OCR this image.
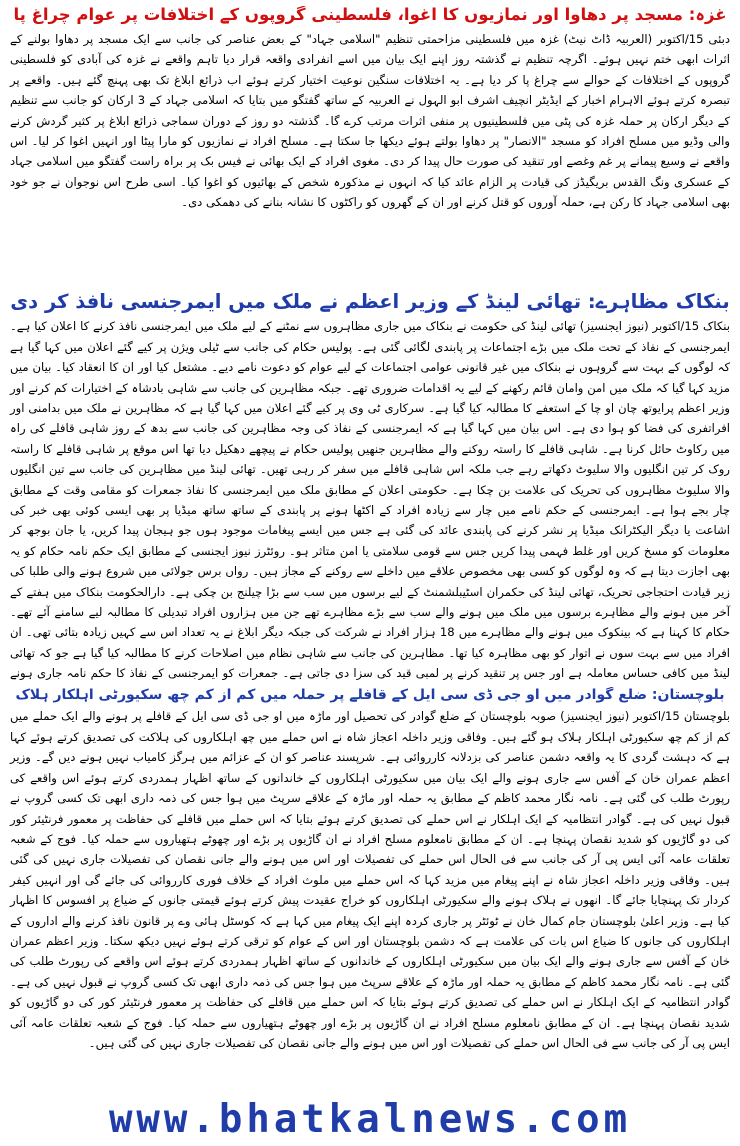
غزہ: مسجد پر دھاوا اور نمازیوں کا اغوا، فلسطینی گروپوں کے اختلافات پر عوام چراغ پا

دبئی 15/اکتوبر (العربیہ ڈاٹ نیٹ) غزہ میں فلسطینی مزاحمتی تنظیم "اسلامی جہاد" کے بعض عناصر کی جانب سے ایک مسجد پر دھاوا بولنے کے اثرات ابھی ختم نہیں ہوئے۔ اگرچہ تنظیم نے گذشتہ روز اپنے ایک بیان میں اسے انفرادی واقعہ قرار دیا تاہم واقعے نے غزہ کی آبادی کو فلسطینی گروپوں کے اختلافات کے حوالے سے چراغ پا کر دیا ہے۔ یہ اختلافات سنگین نوعیت اختیار کرتے ہوئے اب ذرائع ابلاغ تک بھی پہنچ گئے ہیں۔ واقعے پر تبصرہ کرتے ہوئے الاہرام اخبار کے ایڈیٹر انچیف اشرف ابو الہول نے العربیہ کے ساتھ گفتگو میں بتایا کہ اسلامی جہاد کے 3 ارکان کو جانب سے تنظیم کے دیگر ارکان پر حملہ غزہ کی پٹی میں فلسطینیوں پر منفی اثرات مرتب کرے گا۔ گذشتہ دو روز کے دوران سماجی ذرائع ابلاغ پر کثیر گردش کرنے والی وڈیو میں مسلح افراد کو مسجد "الانصار" پر دھاوا بولتے ہوئے دیکھا جا سکتا ہے۔ مسلح افراد نے نمازیوں کو مارا پیٹا اور انہیں اغوا کر لیا۔ اس واقعے نے وسیع پیمانے پر غم وغصے اور تنقید کی صورت حال پیدا کر دی۔ مغوی افراد کے ایک بھائی نے فیس بک پر براہ راست گفتگو میں اسلامی جہاد کے عسکری ونگ القدس بریگیڈز کی قیادت پر الزام عائد کیا کہ انہوں نے مذکورہ شخص کے بھائیوں کو اغوا کیا۔ اسی طرح اس نوجوان نے جو خود بھی اسلامی جہاد کا رکن ہے، حملہ آوروں کو قتل کرنے اور ان کے گھروں کو راکٹوں کا نشانہ بنانے کی دھمکی دی۔

بنکاک مظاہرے: تھائی لینڈ کے وزیر اعظم نے ملک میں ایمرجنسی نافذ کر دی

بنکاک 15/اکتوبر (نیوز ایجنسیز) تھائی لینڈ کی حکومت نے بنکاک میں جاری مظاہروں سے نمٹنے کے لیے ملک میں ایمرجنسی نافذ کرنے کا اعلان کیا ہے۔ ایمرجنسی کے نفاذ کے تحت ملک میں بڑے اجتماعات پر پابندی لگائی گئی ہے۔ پولیس حکام کی جانب سے ٹیلی ویژن پر کیے گئے اعلان میں کہا گیا ہے کہ لوگوں کے بہت سے گروہوں نے بنکاک میں غیر قانونی عوامی اجتماعات کے لیے عوام کو دعوت نامے دیے۔ مشتعل کیا اور ان کا انعقاد کیا۔ بیان میں مزید کہا گیا کہ ملک میں امن وامان قائم رکھنے کے لیے یہ اقدامات ضروری تھے۔ جبکہ مظاہرین کی جانب سے شاہی بادشاہ کے اختیارات کم کرنے اور وزیر اعظم پرایوتھ چان او چا کے استعفے کا مطالبہ کیا گیا ہے۔ سرکاری ٹی وی پر کیے گئے اعلان میں کہا گیا ہے کہ مظاہرین نے ملک میں بدامنی اور افراتفری کی فضا کو ہوا دی ہے۔ اس بیان میں کہا گیا ہے کہ ایمرجنسی کے نفاذ کی وجہ مظاہرین کی جانب سے بدھ کے روز شاہی قافلے کی راہ میں رکاوٹ حائل کرنا ہے۔ شاہی قافلے کا راستہ روکنے والے مظاہرین جنھیں پولیس حکام نے پیچھے دھکیل دیا تھا اس موقع پر شاہی قافلے کا راستہ روک کر تین انگلیوں والا سلیوٹ دکھاتے رہے جب ملکہ اس شاہی قافلے میں سفر کر رہی تھیں۔ تھائی لینڈ میں مظاہرین کی جانب سے تین انگلیوں والا سلیوٹ مظاہروں کی تحریک کی علامت بن چکا ہے۔ حکومتی اعلان کے مطابق ملک میں ایمرجنسی کا نفاذ جمعرات کو مقامی وقت کے مطابق چار بجے ہوا ہے۔ ایمرجنسی کے حکم نامے میں چار سے زیادہ افراد کے اکٹھا ہونے پر پابندی کے ساتھ ساتھ میڈیا پر بھی ایسی کوئی بھی خبر کی اشاعت یا دیگر الیکٹرانک میڈیا پر نشر کرنے کی پابندی عائد کی گئی ہے جس میں ایسے پیغامات موجود ہوں جو ہیجان پیدا کریں، یا جان بوجھ کر معلومات کو مسخ کریں اور غلط فہمی پیدا کریں جس سے قومی سلامتی یا امن متاثر ہو۔ روئٹرز نیوز ایجنسی کے مطابق ایک حکم نامہ حکام کو یہ بھی اجازت دیتا ہے کہ وہ لوگوں کو کسی بھی مخصوص علاقے میں داخلے سے روکنے کے مجاز ہیں۔ رواں برس جولائی میں شروع ہونے والی طلبا کی زیر قیادت احتجاجی تحریک، تھائی لینڈ کی حکمران اسٹیبلشمنٹ کے لیے برسوں میں سب سے بڑا چیلنج بن چکی ہے۔ دارالحکومت بنکاک میں ہفتے کے آخر میں ہونے والے مظاہرے برسوں میں ملک میں ہونے والے سب سے بڑے مظاہرے تھے جن میں ہزاروں افراد تبدیلی کا مطالبہ لیے سامنے آئے تھے۔ حکام کا کہنا ہے کہ بینکوک میں ہونے والے مظاہرے میں 18 ہزار افراد نے شرکت کی جبکہ دیگر ابلاغ نے یہ تعداد اس سے کہیں زیادہ بتائی تھی۔ ان افراد میں سے بہت سوں نے اتوار کو بھی مظاہرہ کیا تھا۔ مظاہرین کی جانب سے شاہی نظام میں اصلاحات کرنے کا مطالبہ کیا گیا ہے جو کہ تھائی لینڈ میں کافی حساس معاملہ ہے اور جس پر تنقید کرنے پر لمبی قید کی سزا دی جاتی ہے۔ جمعرات کو ایمرجنسی کے نفاذ کا حکم نامہ جاری ہونے

بلوچستان: ضلع گوادر میں او جی ڈی سی ایل کے قافلے پر حملہ میں کم از کم چھ سکیورٹی اہلکار ہلاک

بلوچستان 15/اکتوبر (نیوز ایجنسیز) صوبہ بلوچستان کے ضلع گوادر کی تحصیل اور ماڑہ میں او جی ڈی سی ایل کے قافلے پر ہونے والے ایک حملے میں کم از کم چھ سکیورٹی اہلکار ہلاک ہو گئے ہیں۔ وفاقی وزیر داخلہ اعجاز شاہ نے اس حملے میں چھ اہلکاروں کی ہلاکت کی تصدیق کرتے ہوئے کہا ہے کہ دہشت گردی کا یہ واقعہ دشمن عناصر کی بزدلانہ کارروائی ہے۔ شرپسند عناصر کو ان کے عزائم میں ہرگز کامیاب نہیں ہونے دیں گے۔ وزیر اعظم عمران خان کے آفس سے جاری ہونے والے ایک بیان میں سکیورٹی اہلکاروں کے خاندانوں کے ساتھ اظہار ہمدردی کرتے ہوئے اس واقعے کی رپورٹ طلب کی گئی ہے۔ نامہ نگار محمد کاظم کے مطابق یہ حملہ اور ماڑہ کے علاقے سرپٹ میں ہوا جس کی ذمہ داری ابھی تک کسی گروپ نے قبول نہیں کی ہے۔ گوادر انتظامیہ کے ایک اہلکار نے اس حملے کی تصدیق کرتے ہوئے بتایا کہ اس حملے میں قافلے کی حفاظت پر معمور فرنٹیئر کور کی دو گاڑیوں کو شدید نقصان پہنچا ہے۔ ان کے مطابق نامعلوم مسلح افراد نے ان گاڑیوں پر بڑے اور چھوٹے ہتھیاروں سے حملہ کیا۔ فوج کے شعبہ تعلقات عامہ آئی ایس پی آر کی جانب سے فی الحال اس حملے کی تفصیلات اور اس میں ہونے والے جانی نقصان کی تفصیلات جاری نہیں کی گئی ہیں۔ وفاقی وزیر داخلہ اعجاز شاہ نے اپنے پیغام میں مزید کہا کہ اس حملے میں ملوث افراد کے خلاف فوری کارروائی کی جائے گی اور انہیں کیفر کردار تک پہنچایا جائے گا۔ انھوں نے ہلاک ہونے والے سکیورٹی اہلکاروں کو خراج عقیدت پیش کرتے ہوئے قیمتی جانوں کے ضیاع پر افسوس کا اظہار کیا ہے۔ وزیر اعلیٰ بلوچستان جام کمال خان نے ٹوئٹر پر جاری کردہ اپنے ایک پیغام میں کہا ہے کہ کوسٹل ہائی وے پر قانون نافذ کرنے والے اداروں کے اہلکاروں کی جانوں کا ضیاع اس بات کی علامت ہے کہ دشمن بلوچستان اور اس کے عوام کو ترقی کرتے ہوئے نہیں دیکھ سکتا۔ وزیر اعظم عمران خان کے آفس سے جاری ہونے والے ایک بیان میں سکیورٹی اہلکاروں کے خاندانوں کے ساتھ اظہار ہمدردی کرتے ہوئے اس واقعے کی رپورٹ طلب کی گئی ہے۔ نامہ نگار محمد کاظم کے مطابق یہ حملہ اور ماڑہ کے علاقے سرپٹ میں ہوا جس کی ذمہ داری ابھی تک کسی گروپ نے قبول نہیں کی ہے۔ گوادر انتظامیہ کے ایک اہلکار نے اس حملے کی تصدیق کرتے ہوئے بتایا کہ اس حملے میں قافلے کی حفاظت پر معمور فرنٹیئر کور کی دو گاڑیوں کو شدید نقصان پہنچا ہے۔ ان کے مطابق نامعلوم مسلح افراد نے ان گاڑیوں پر بڑے اور چھوٹے ہتھیاروں سے حملہ کیا۔ فوج کے شعبہ تعلقات عامہ آئی ایس پی آر کی جانب سے فی الحال اس حملے کی تفصیلات اور اس میں ہونے والے جانی نقصان کی تفصیلات جاری نہیں کی گئی ہیں۔

www.bhatkalnews.com
